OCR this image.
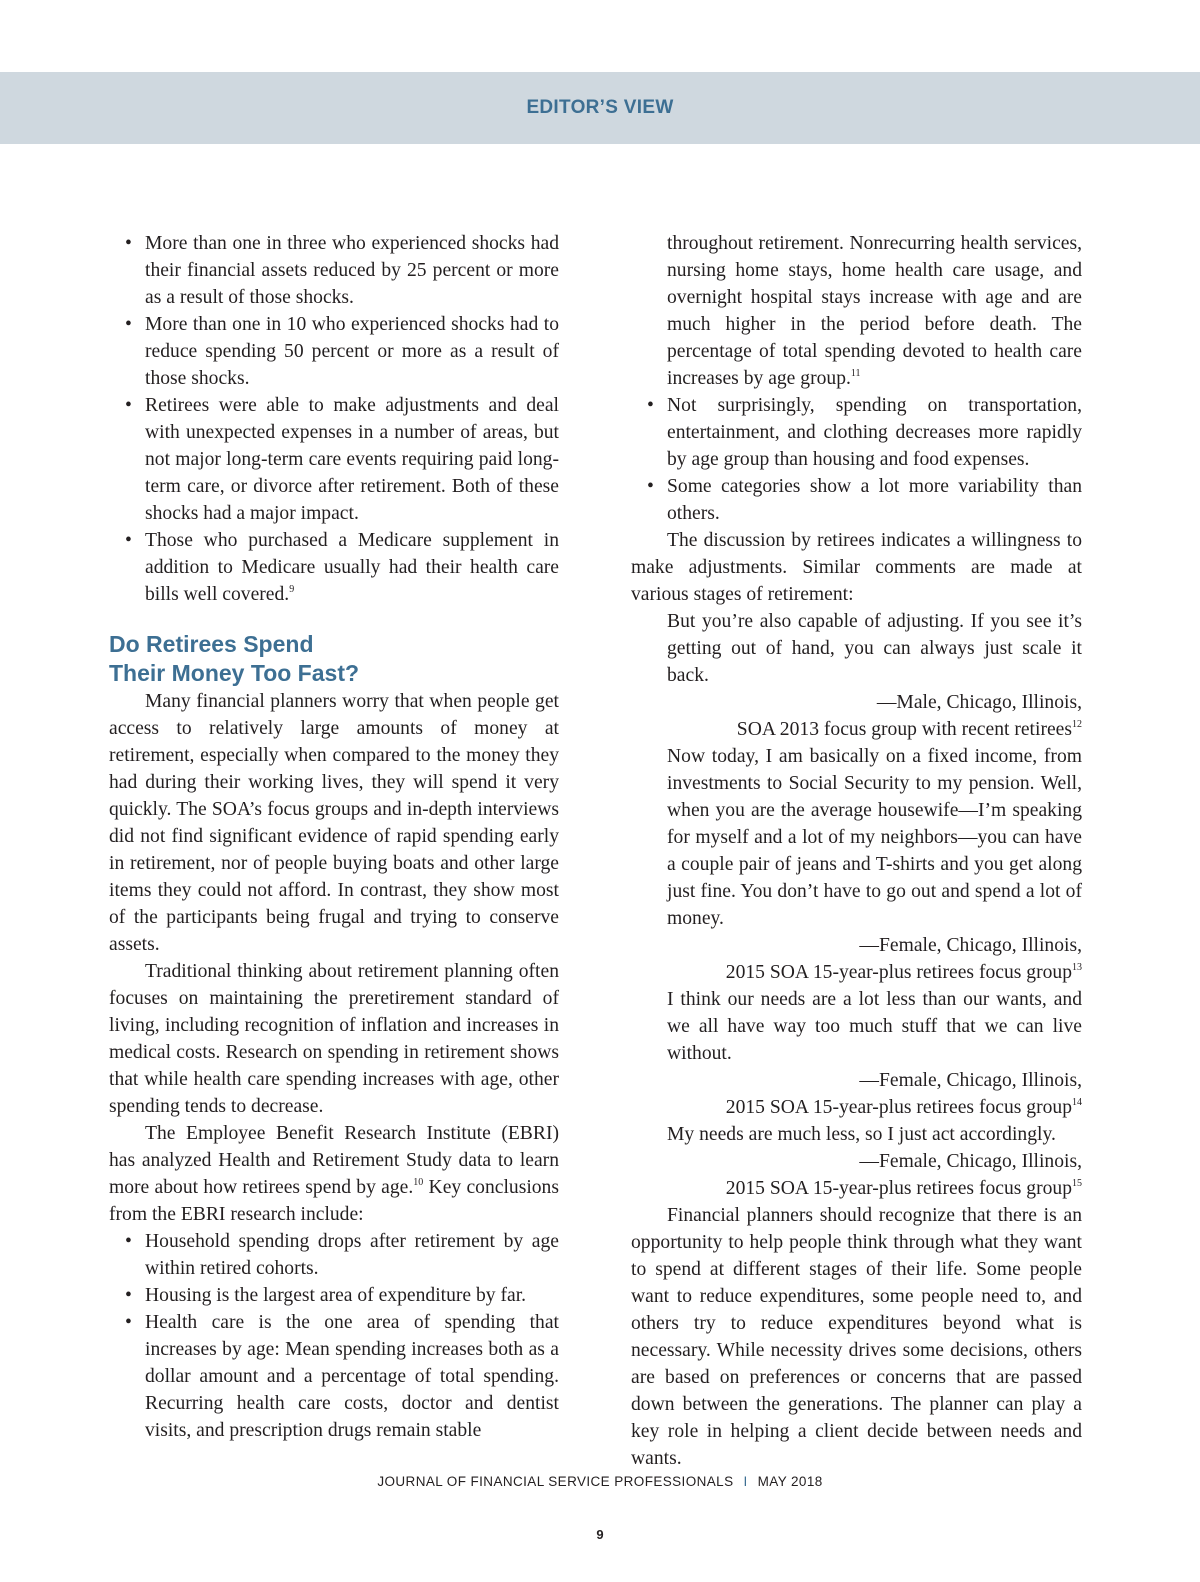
EDITOR’S VIEW
• More than one in three who experienced shocks had their financial assets reduced by 25 percent or more as a result of those shocks.
• More than one in 10 who experienced shocks had to reduce spending 50 percent or more as a result of those shocks.
• Retirees were able to make adjustments and deal with unexpected expenses in a number of areas, but not major long-term care events requiring paid long-term care, or divorce after retirement. Both of these shocks had a major impact.
• Those who purchased a Medicare supplement in addition to Medicare usually had their health care bills well covered.$^9$
Do Retirees Spend
Their Money Too Fast?

Many financial planners worry that when people get access to relatively large amounts of money at retirement, especially when compared to the money they had during their working lives, they will spend it very quickly. The SOA’s focus groups and in-depth interviews did not find significant evidence of rapid spending early in retirement, nor of people buying boats and other large items they could not afford. In contrast, they show most of the participants being frugal and trying to conserve assets.

Traditional thinking about retirement planning often focuses on maintaining the preretirement standard of living, including recognition of inflation and increases in medical costs. Research on spending in retirement shows that while health care spending increases with age, other spending tends to decrease.

The Employee Benefit Research Institute (EBRI) has analyzed Health and Retirement Study data to learn more about how retirees spend by age.$^{10}$ Key conclusions from the EBRI research include:

• Household spending drops after retirement by age within retired cohorts.
• Housing is the largest area of expenditure by far.
• Health care is the one area of spending that increases by age: Mean spending increases both as a dollar amount and a percentage of total spending. Recurring health care costs, doctor and dentist visits, and prescription drugs remain stable

throughout retirement. Nonrecurring health services, nursing home stays, home health care usage, and overnight hospital stays increase with age and are much higher in the period before death. The percentage of total spending devoted to health care increases by age group.$^{11}$

• Not surprisingly, spending on transportation, entertainment, and clothing decreases more rapidly by age group than housing and food expenses.
• Some categories show a lot more variability than others.

The discussion by retirees indicates a willingness to make adjustments. Similar comments are made at various stages of retirement:

But you’re also capable of adjusting. If you see it’s getting out of hand, you can always just scale it back.

—Male, Chicago, Illinois,

SOA 2013 focus group with recent retirees$^{12}$

Now today, I am basically on a fixed income, from investments to Social Security to my pension. Well, when you are the average housewife—I’m speaking for myself and a lot of my neighbors—you can have a couple pair of jeans and T-shirts and you get along just fine. You don’t have to go out and spend a lot of money.

—Female, Chicago, Illinois,

2015 SOA 15-year-plus retirees focus group$^{13}$

I think our needs are a lot less than our wants, and we all have way too much stuff that we can live without.

—Female, Chicago, Illinois,

2015 SOA 15-year-plus retirees focus group$^{14}$

My needs are much less, so I just act accordingly.

—Female, Chicago, Illinois,

2015 SOA 15-year-plus retirees focus group$^{15}$

Financial planners should recognize that there is an opportunity to help people think through what they want to spend at different stages of their life. Some people want to reduce expenditures, some people need to, and others try to reduce expenditures beyond what is necessary. While necessity drives some decisions, others are based on preferences or concerns that are passed down between the generations. The planner can play a key role in helping a client decide between needs and wants.

JOURNAL OF FINANCIAL SERVICE PROFESSIONALS I MAY 2018
9
